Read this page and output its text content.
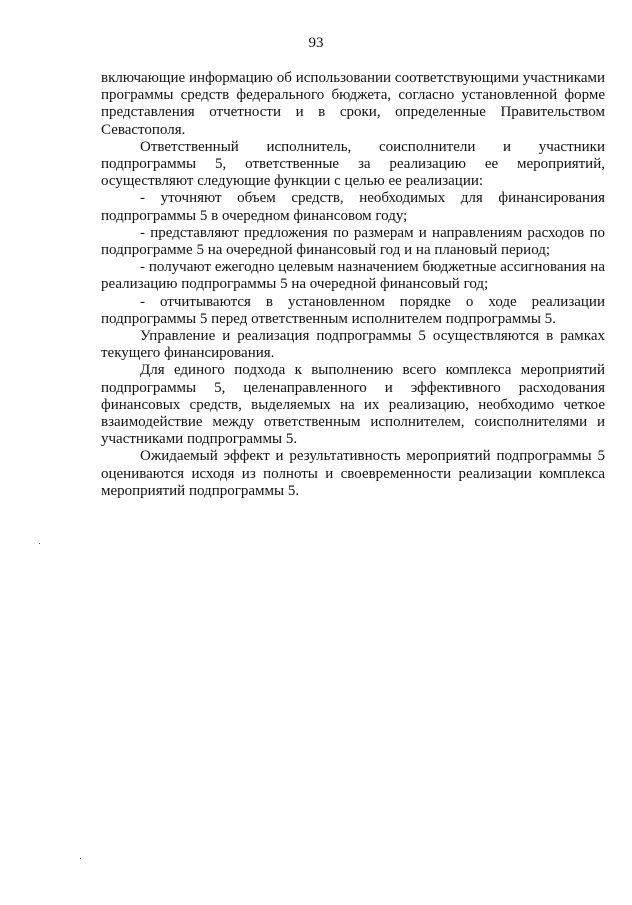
93

включающие информацию об использовании соответствующими участниками программы средств федерального бюджета, согласно установленной форме представления отчетности и в сроки, определенные Правительством Севастополя.

Ответственный исполнитель, соисполнители и участники подпрограммы 5, ответственные за реализацию ее мероприятий, осуществляют следующие функции с целью ее реализации:

- уточняют объем средств, необходимых для финансирования подпрограммы 5 в очередном финансовом году;

- представляют предложения по размерам и направлениям расходов по подпрограмме 5 на очередной финансовый год и на плановый период;

- получают ежегодно целевым назначением бюджетные ассигнования на реализацию подпрограммы 5 на очередной финансовый год;

- отчитываются в установленном порядке о ходе реализации подпрограммы 5 перед ответственным исполнителем подпрограммы 5.

Управление и реализация подпрограммы 5 осуществляются в рамках текущего финансирования.

Для единого подхода к выполнению всего комплекса мероприятий подпрограммы 5, целенаправленного и эффективного расходования финансовых средств, выделяемых на их реализацию, необходимо четкое взаимодействие между ответственным исполнителем, соисполнителями и участниками подпрограммы 5.

Ожидаемый эффект и результативность мероприятий подпрограммы 5 оцениваются исходя из полноты и своевременности реализации комплекса мероприятий подпрограммы 5.
